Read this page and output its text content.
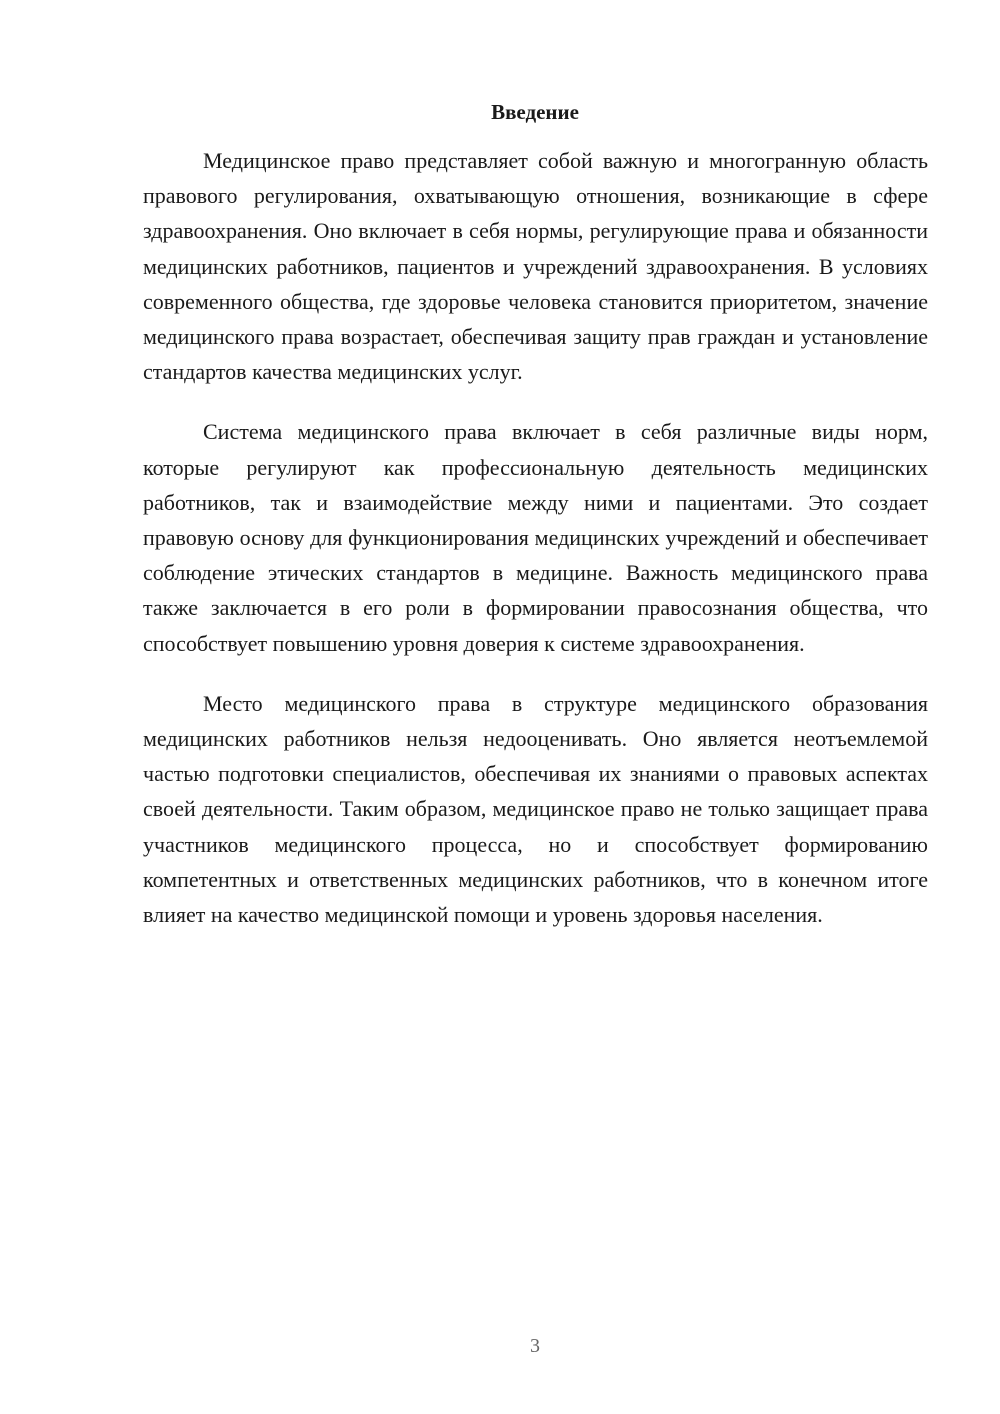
Введение

Медицинское право представляет собой важную и многогранную область правового регулирования, охватывающую отношения, возникающие в сфере здравоохранения. Оно включает в себя нормы, регулирующие права и обязанности медицинских работников, пациентов и учреждений здравоохранения. В условиях современного общества, где здоровье человека становится приоритетом, значение медицинского права возрастает, обеспечивая защиту прав граждан и установление стандартов качества медицинских услуг.

Система медицинского права включает в себя различные виды норм, которые регулируют как профессиональную деятельность медицинских работников, так и взаимодействие между ними и пациентами. Это создает правовую основу для функционирования медицинских учреждений и обеспечивает соблюдение этических стандартов в медицине. Важность медицинского права также заключается в его роли в формировании правосознания общества, что способствует повышению уровня доверия к системе здравоохранения.

Место медицинского права в структуре медицинского образования медицинских работников нельзя недооценивать. Оно является неотъемлемой частью подготовки специалистов, обеспечивая их знаниями о правовых аспектах своей деятельности. Таким образом, медицинское право не только защищает права участников медицинского процесса, но и способствует формированию компетентных и ответственных медицинских работников, что в конечном итоге влияет на качество медицинской помощи и уровень здоровья населения.

3
